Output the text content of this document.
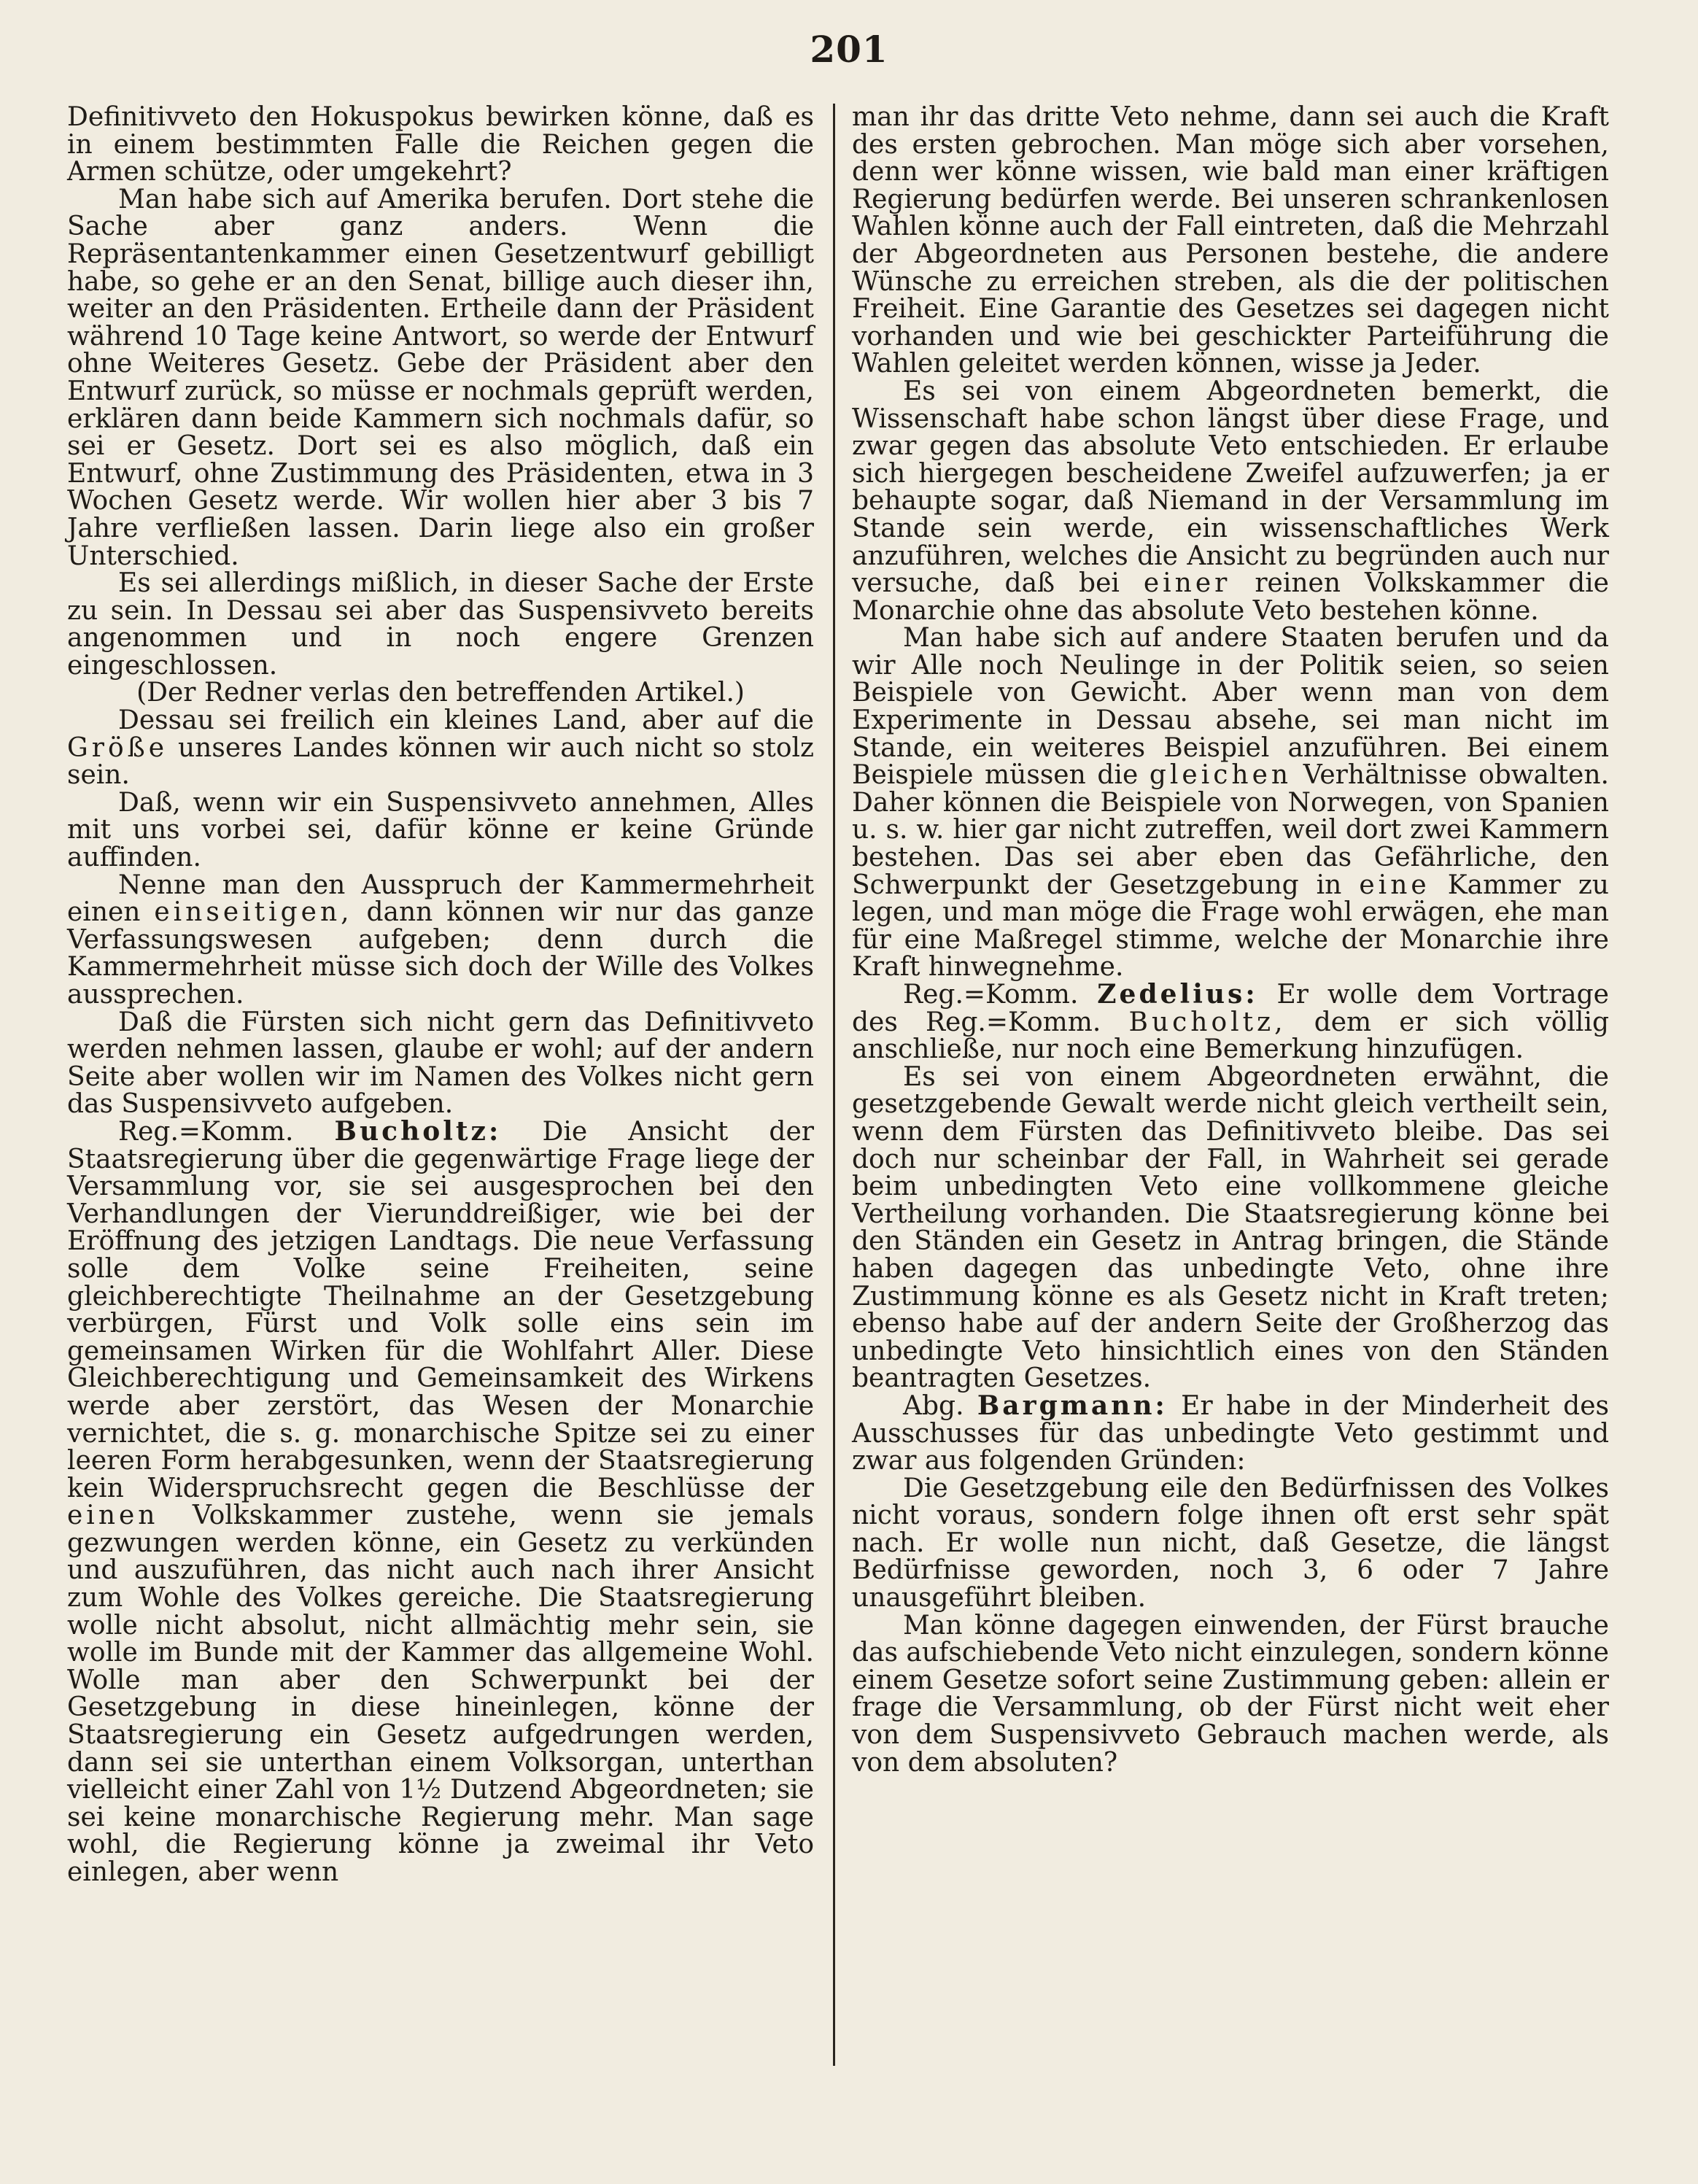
201

Definitivveto den Hokuspokus bewirken könne, daß es in einem bestimmten Falle die Reichen gegen die Armen schütze, oder umgekehrt?

Man habe sich auf Amerika berufen. Dort stehe die Sache aber ganz anders. Wenn die Repräsentantenkammer einen Gesetzentwurf gebilligt habe, so gehe er an den Senat, billige auch dieser ihn, weiter an den Präsidenten. Ertheile dann der Präsident während 10 Tage keine Antwort, so werde der Entwurf ohne Weiteres Gesetz. Gebe der Präsident aber den Entwurf zurück, so müsse er nochmals geprüft werden, erklären dann beide Kammern sich nochmals dafür, so sei er Gesetz. Dort sei es also möglich, daß ein Entwurf, ohne Zustimmung des Präsidenten, etwa in 3 Wochen Gesetz werde. Wir wollen hier aber 3 bis 7 Jahre verfließen lassen. Darin liege also ein großer Unterschied.

Es sei allerdings mißlich, in dieser Sache der Erste zu sein. In Dessau sei aber das Suspensivveto bereits angenommen und in noch engere Grenzen eingeschlossen.

(Der Redner verlas den betreffenden Artikel.)

Dessau sei freilich ein kleines Land, aber auf die Größe unseres Landes können wir auch nicht so stolz sein.

Daß, wenn wir ein Suspensivveto annehmen, Alles mit uns vorbei sei, dafür könne er keine Gründe auffinden.

Nenne man den Ausspruch der Kammermehrheit einen einseitigen, dann können wir nur das ganze Verfassungswesen aufgeben; denn durch die Kammermehrheit müsse sich doch der Wille des Volkes aussprechen.

Daß die Fürsten sich nicht gern das Definitivveto werden nehmen lassen, glaube er wohl; auf der andern Seite aber wollen wir im Namen des Volkes nicht gern das Suspensivveto aufgeben.

Reg.=Komm. Bucholtz: Die Ansicht der Staatsregierung über die gegenwärtige Frage liege der Versammlung vor, sie sei ausgesprochen bei den Verhandlungen der Vierunddreißiger, wie bei der Eröffnung des jetzigen Landtags. Die neue Verfassung solle dem Volke seine Freiheiten, seine gleichberechtigte Theilnahme an der Gesetzgebung verbürgen, Fürst und Volk solle eins sein im gemeinsamen Wirken für die Wohlfahrt Aller. Diese Gleichberechtigung und Gemeinsamkeit des Wirkens werde aber zerstört, das Wesen der Monarchie vernichtet, die s. g. monarchische Spitze sei zu einer leeren Form herabgesunken, wenn der Staatsregierung kein Widerspruchsrecht gegen die Beschlüsse der einen Volkskammer zustehe, wenn sie jemals gezwungen werden könne, ein Gesetz zu verkünden und auszuführen, das nicht auch nach ihrer Ansicht zum Wohle des Volkes gereiche. Die Staatsregierung wolle nicht absolut, nicht allmächtig mehr sein, sie wolle im Bunde mit der Kammer das allgemeine Wohl. Wolle man aber den Schwerpunkt bei der Gesetzgebung in diese hineinlegen, könne der Staatsregierung ein Gesetz aufgedrungen werden, dann sei sie unterthan einem Volksorgan, unterthan vielleicht einer Zahl von 1½ Dutzend Abgeordneten; sie sei keine monarchische Regierung mehr. Man sage wohl, die Regierung könne ja zweimal ihr Veto einlegen, aber wenn

man ihr das dritte Veto nehme, dann sei auch die Kraft des ersten gebrochen. Man möge sich aber vorsehen, denn wer könne wissen, wie bald man einer kräftigen Regierung bedürfen werde. Bei unseren schrankenlosen Wahlen könne auch der Fall eintreten, daß die Mehrzahl der Abgeordneten aus Personen bestehe, die andere Wünsche zu erreichen streben, als die der politischen Freiheit. Eine Garantie des Gesetzes sei dagegen nicht vorhanden und wie bei geschickter Parteiführung die Wahlen geleitet werden können, wisse ja Jeder.

Es sei von einem Abgeordneten bemerkt, die Wissenschaft habe schon längst über diese Frage, und zwar gegen das absolute Veto entschieden. Er erlaube sich hiergegen bescheidene Zweifel aufzuwerfen; ja er behaupte sogar, daß Niemand in der Versammlung im Stande sein werde, ein wissenschaftliches Werk anzuführen, welches die Ansicht zu begründen auch nur versuche, daß bei einer reinen Volkskammer die Monarchie ohne das absolute Veto bestehen könne.

Man habe sich auf andere Staaten berufen und da wir Alle noch Neulinge in der Politik seien, so seien Beispiele von Gewicht. Aber wenn man von dem Experimente in Dessau absehe, sei man nicht im Stande, ein weiteres Beispiel anzuführen. Bei einem Beispiele müssen die gleichen Verhältnisse obwalten. Daher können die Beispiele von Norwegen, von Spanien u. s. w. hier gar nicht zutreffen, weil dort zwei Kammern bestehen. Das sei aber eben das Gefährliche, den Schwerpunkt der Gesetzgebung in eine Kammer zu legen, und man möge die Frage wohl erwägen, ehe man für eine Maßregel stimme, welche der Monarchie ihre Kraft hinwegnehme.

Reg.=Komm. Zedelius: Er wolle dem Vortrage des Reg.=Komm. Bucholtz, dem er sich völlig anschließe, nur noch eine Bemerkung hinzufügen.

Es sei von einem Abgeordneten erwähnt, die gesetzgebende Gewalt werde nicht gleich vertheilt sein, wenn dem Fürsten das Definitivveto bleibe. Das sei doch nur scheinbar der Fall, in Wahrheit sei gerade beim unbedingten Veto eine vollkommene gleiche Vertheilung vorhanden. Die Staatsregierung könne bei den Ständen ein Gesetz in Antrag bringen, die Stände haben dagegen das unbedingte Veto, ohne ihre Zustimmung könne es als Gesetz nicht in Kraft treten; ebenso habe auf der andern Seite der Großherzog das unbedingte Veto hinsichtlich eines von den Ständen beantragten Gesetzes.

Abg. Bargmann: Er habe in der Minderheit des Ausschusses für das unbedingte Veto gestimmt und zwar aus folgenden Gründen:

Die Gesetzgebung eile den Bedürfnissen des Volkes nicht voraus, sondern folge ihnen oft erst sehr spät nach. Er wolle nun nicht, daß Gesetze, die längst Bedürfnisse geworden, noch 3, 6 oder 7 Jahre unausgeführt bleiben.

Man könne dagegen einwenden, der Fürst brauche das aufschiebende Veto nicht einzulegen, sondern könne einem Gesetze sofort seine Zustimmung geben: allein er frage die Versammlung, ob der Fürst nicht weit eher von dem Suspensivveto Gebrauch machen werde, als von dem absoluten?
